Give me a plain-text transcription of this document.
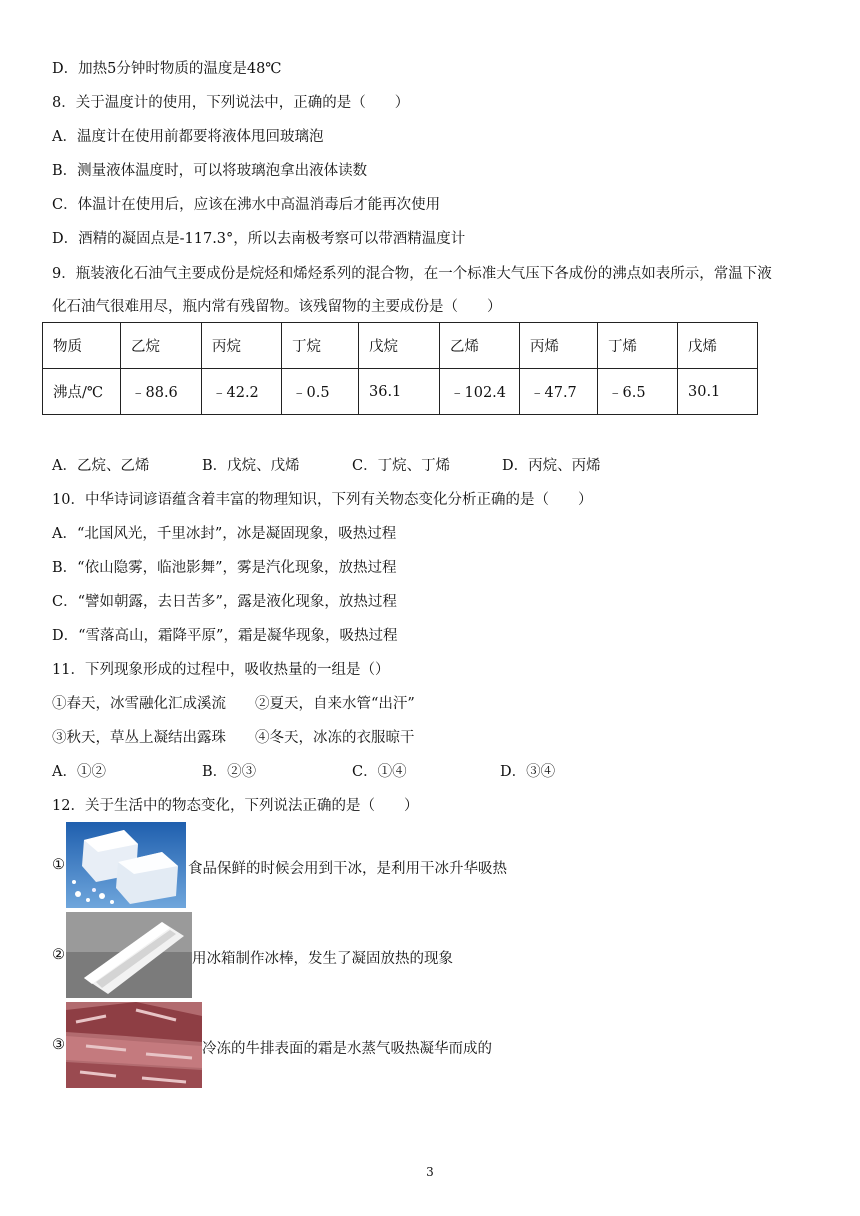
D．加热5分钟时物质的温度是48℃
8．关于温度计的使用，下列说法中，正确的是（　　）
A．温度计在使用前都要将液体甩回玻璃泡
B．测量液体温度时，可以将玻璃泡拿出液体读数
C．体温计在使用后，应该在沸水中高温消毒后才能再次使用
D．酒精的凝固点是-117.3°，所以去南极考察可以带酒精温度计
9．瓶装液化石油气主要成份是烷烃和烯烃系列的混合物，在一个标准大气压下各成份的沸点如表所示，常温下液
化石油气很难用尽，瓶内常有残留物。该残留物的主要成份是（　　）
物质	乙烷	丙烷	丁烷	戊烷	乙烯	丙烯	丁烯	戊烯
沸点/℃	﹣88.6	﹣42.2	﹣0.5	36.1	﹣102.4	﹣47.7	﹣6.5	30.1
A．乙烷、乙烯	B．戊烷、戊烯	C．丁烷、丁烯	D．丙烷、丙烯
10．中华诗词谚语蕴含着丰富的物理知识，下列有关物态变化分析正确的是（　　）
A．“北国风光，千里冰封”，冰是凝固现象，吸热过程
B．“依山隐雾，临池影舞”，雾是汽化现象，放热过程
C．“譬如朝露，去日苦多”，露是液化现象，放热过程
D．“雪落高山，霜降平原”，霜是凝华现象，吸热过程
11．下列现象形成的过程中，吸收热量的一组是（）
①春天，冰雪融化汇成溪流　　②夏天，自来水管“出汗”
③秋天，草丛上凝结出露珠　　④冬天，冰冻的衣服晾干
A．①②	B．②③	C．①④	D．③④
12．关于生活中的物态变化，下列说法正确的是（　　）
①	食品保鲜的时候会用到干冰，是利用干冰升华吸热
②	用冰箱制作冰棒，发生了凝固放热的现象
③	冷冻的牛排表面的霜是水蒸气吸热凝华而成的
3
